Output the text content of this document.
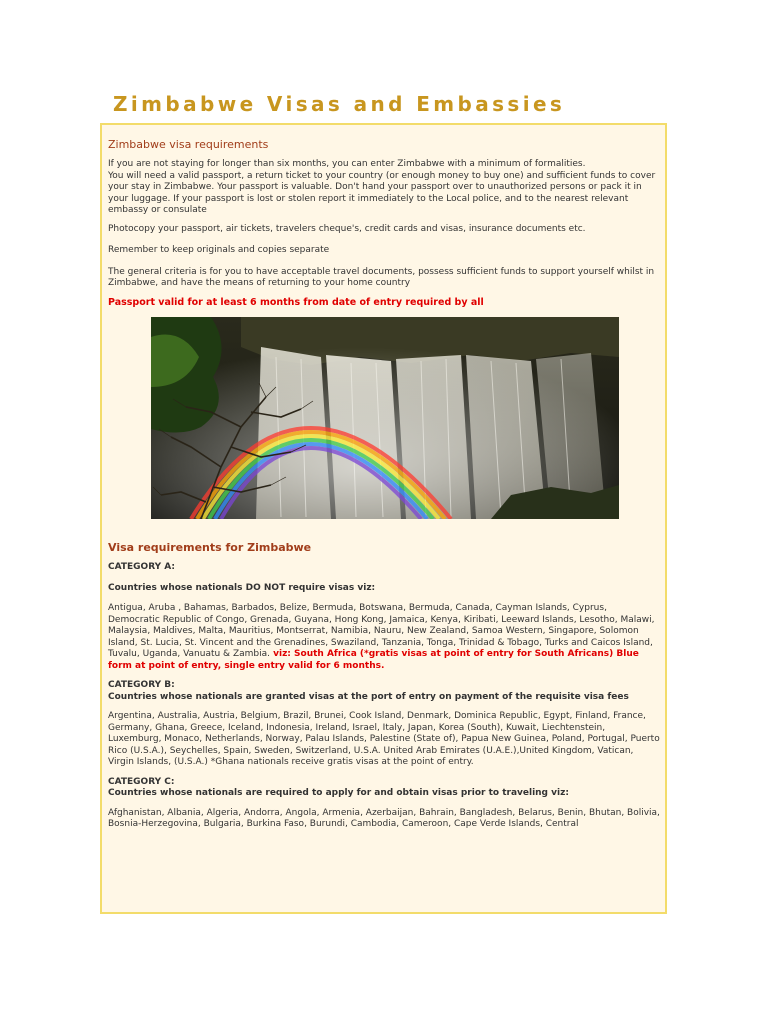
Zimbabwe Visas and Embassies
Zimbabwe visa requirements

If you are not staying for longer than six months, you can enter Zimbabwe with a minimum of formalities.
You will need a valid passport, a return ticket to your country (or enough money to buy one) and sufficient funds to cover your stay in Zimbabwe. Your passport is valuable. Don't hand your passport over to unauthorized persons or pack it in your luggage. If your passport is lost or stolen report it immediately to the Local police, and to the nearest relevant embassy or consulate

Photocopy your passport, air tickets, travelers cheque's, credit cards and visas, insurance documents etc.

Remember to keep originals and copies separate

The general criteria is for you to have acceptable travel documents, possess sufficient funds to support yourself whilst in Zimbabwe, and have the means of returning to your home country

Passport valid for at least 6 months from date of entry required by all

Visa requirements for Zimbabwe

CATEGORY A:

Countries whose nationals DO NOT require visas viz:

Antigua, Aruba , Bahamas, Barbados, Belize, Bermuda, Botswana, Bermuda, Canada, Cayman Islands, Cyprus, Democratic Republic of Congo, Grenada, Guyana, Hong Kong, Jamaica, Kenya, Kiribati, Leeward Islands, Lesotho, Malawi, Malaysia, Maldives, Malta, Mauritius, Montserrat, Namibia, Nauru, New Zealand, Samoa Western, Singapore, Solomon Island, St. Lucia, St. Vincent and the Grenadines, Swaziland, Tanzania, Tonga, Trinidad & Tobago, Turks and Caicos Island, Tuvalu, Uganda, Vanuatu & Zambia. viz: South Africa (*gratis visas at point of entry for South Africans) Blue form at point of entry, single entry valid for 6 months.

CATEGORY B:

Countries whose nationals are granted visas at the port of entry on payment of the requisite visa fees

Argentina, Australia, Austria, Belgium, Brazil, Brunei, Cook Island, Denmark, Dominica Republic, Egypt, Finland, France, Germany, Ghana, Greece, Iceland, Indonesia, Ireland, Israel, Italy, Japan, Korea (South), Kuwait, Liechtenstein, Luxemburg, Monaco, Netherlands, Norway, Palau Islands, Palestine (State of), Papua New Guinea, Poland, Portugal, Puerto Rico (U.S.A.), Seychelles, Spain, Sweden, Switzerland, U.S.A. United Arab Emirates (U.A.E.),United Kingdom, Vatican, Virgin Islands, (U.S.A.) *Ghana nationals receive gratis visas at the point of entry.

CATEGORY C:

Countries whose nationals are required to apply for and obtain visas prior to traveling viz:

Afghanistan, Albania, Algeria, Andorra, Angola, Armenia, Azerbaijan, Bahrain, Bangladesh, Belarus, Benin, Bhutan, Bolivia, Bosnia-Herzegovina, Bulgaria, Burkina Faso, Burundi, Cambodia, Cameroon, Cape Verde Islands, Central
